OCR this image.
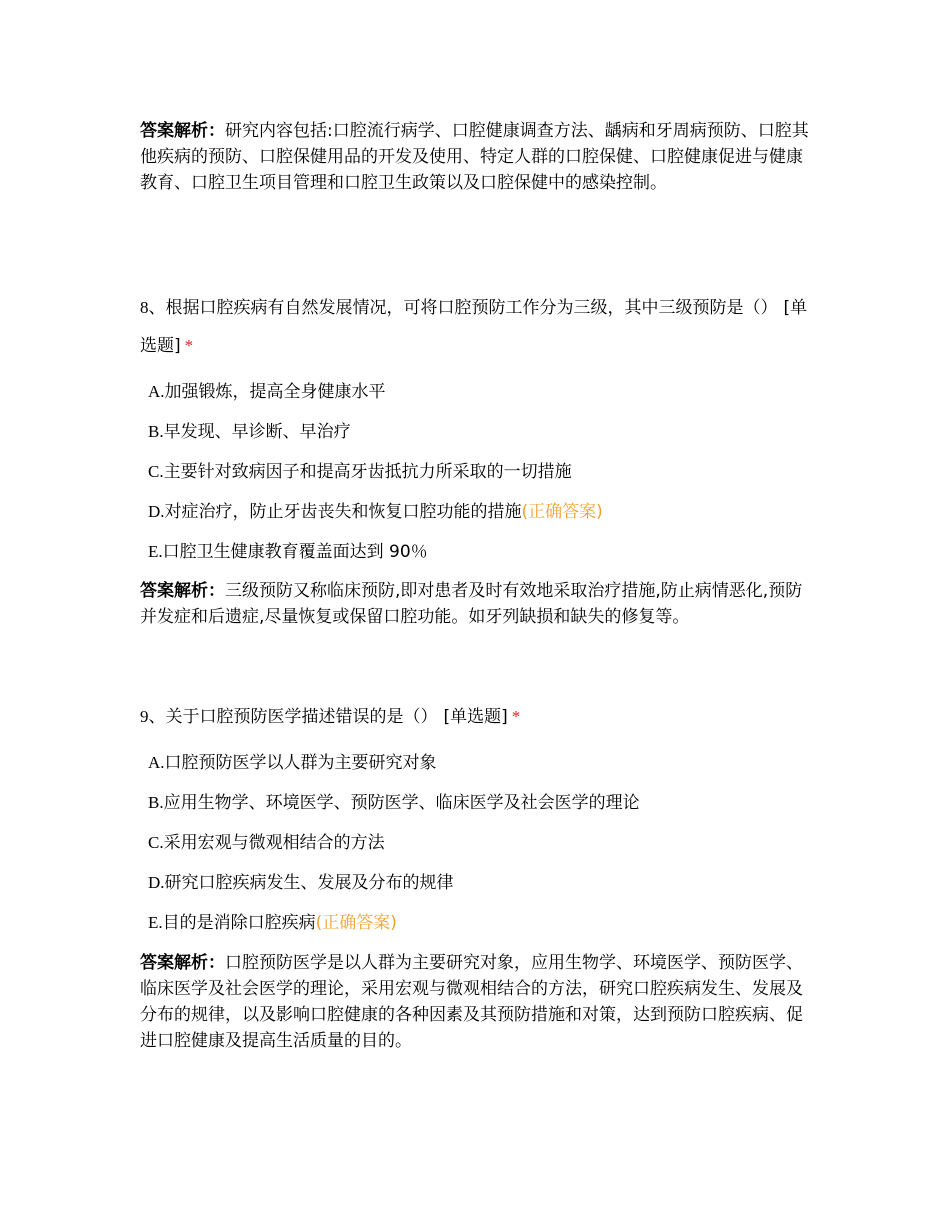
答案解析：研究内容包括:口腔流行病学、口腔健康调查方法、龋病和牙周病预防、口腔其他疾病的预防、口腔保健用品的开发及使用、特定人群的口腔保健、口腔健康促进与健康教育、口腔卫生项目管理和口腔卫生政策以及口腔保健中的感染控制。
8、根据口腔疾病有自然发展情况，可将口腔预防工作分为三级，其中三级预防是（） [单选题] *
A.加强锻炼，提高全身健康水平
B.早发现、早诊断、早治疗
C.主要针对致病因子和提高牙齿抵抗力所采取的一切措施
D.对症治疗，防止牙齿丧失和恢复口腔功能的措施(正确答案)
E.口腔卫生健康教育覆盖面达到 90％
答案解析：三级预防又称临床预防,即对患者及时有效地采取治疗措施,防止病情恶化,预防并发症和后遗症,尽量恢复或保留口腔功能。如牙列缺损和缺失的修复等。
9、关于口腔预防医学描述错误的是（） [单选题] *
A.口腔预防医学以人群为主要研究对象
B.应用生物学、环境医学、预防医学、临床医学及社会医学的理论
C.采用宏观与微观相结合的方法
D.研究口腔疾病发生、发展及分布的规律
E.目的是消除口腔疾病(正确答案)
答案解析：口腔预防医学是以人群为主要研究对象，应用生物学、环境医学、预防医学、临床医学及社会医学的理论，采用宏观与微观相结合的方法，研究口腔疾病发生、发展及分布的规律，以及影响口腔健康的各种因素及其预防措施和对策，达到预防口腔疾病、促进口腔健康及提高生活质量的目的。
